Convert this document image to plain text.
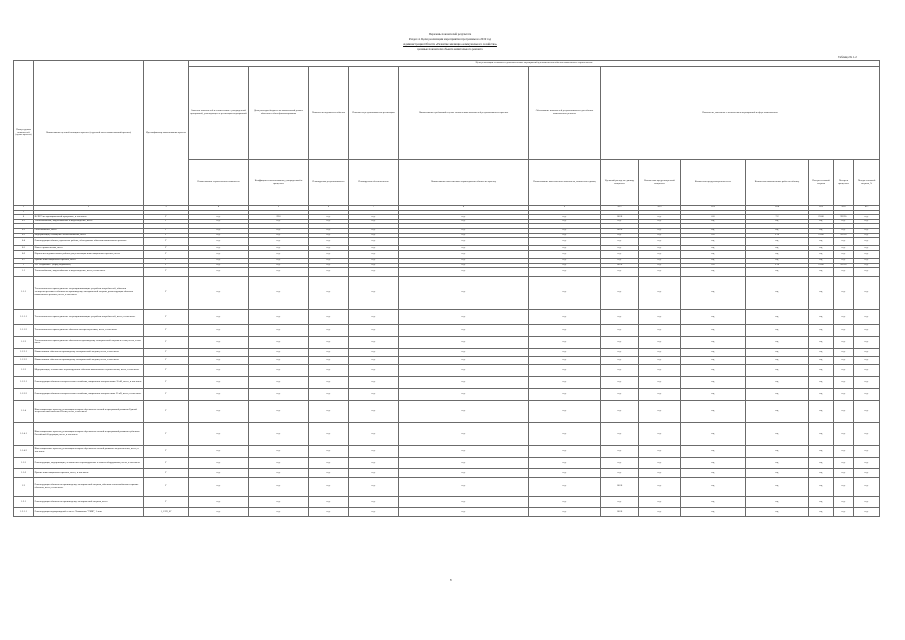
Перечень показателей результата
Раздел 4. Цели реализации мероприятия программы на 2019 год
Администрация Области «Развитие жилищно-коммунального хозяйства»
целевые показатели объекта капитального ремонта
Таблица № 1.2
Номер группы показателей (пункт проекта)	Наименование целевой позиции в проекте (в русской части наименований проекта)	Идентификатор наименования проекта	Цели реализации основных и дополнительных мероприятий для выполнения объекта капитального строительства												
			Значение показателей в соответствии с утвержденной программой, участвующего в реализации мероприятий	Доля расходов бюджета на капитальный ремонт объектов и объем финансирования	Показатели надежности объекта	Показатель результативности реализации	Наименование требований в целях соответствия показателей результативности проекта	Обоснование показателей результативности для объекта капитального ремонта	Показатели, связанные с исполнением мероприятий в сфере капитального						
			Наименование строительного показателя	Коэффициент использования, утвержденный в процентах	Планируемая результативность	Планируемая обеспеченность	Наименование качественных характеристик объекта по проекту	Наименование качественного показателя, количество единиц	Удельный расход на единицу мощности	Количество предусмотренной мощности	Количество предусмотренных мест	Количество выполненных работ по объекту	Потери тепловой энергии	Потери в процентах	Потери тепловой энергии, %
1	2	3	4	5	6	7	8	9	10.1	10.2	10.3	10.4	10.5	10.6	10.7
1															
0	ВСЕГО по муниципальной программе, в том числе	Г	н.д.	29.6	н.д.	н.д.	н.д.	н.д.	102.8	н.д.	0.8	7.2	23.06	99.9%	н.д.
0.1	Теплоснабжение, водоснабжение и водоотведение, всего	Г	н.д.	н.д.	н.д.	н.д.	н.д.	н.д.	н.д.	н.д.	н.д.	н.д.	н.д.	н.д.	н.д.

0.2	Газоснабжение, всего	Г	н.д.	н.д.	н.д.	н.д.	н.д.	н.д.	102.8	н.д.	н.д.	н.д.	н.д.	н.д.	н.д.
0.3	Модернизация, оснащение теплоснабжения, всего	Г	н.д.	н.д.	н.д.	н.д.	н.д.	н.д.	н.д.	н.д.	0.8	2.16	23.06	99.9%	н.д.
0.4	Реконструкция объекта, проектные работы, обследование объектов капитального ремонта	Г	н.д.	н.д.	н.д.	н.д.	н.д.	н.д.	н.д.	н.д.	н.д.	н.д.	н.д.	н.д.	н.д.
0.5	Новое строительство, всего	Г	н.д.	н.д.	н.д.	н.д.	н.д.	н.д.	н.д.	н.д.	н.д.	н.д.	н.д.	н.д.	н.д.
0.6	Научно-исследовательские работы для реализации инвестиционного проекта, всего	Г	н.д.	н.д.	н.д.	н.д.	н.д.	н.д.	н.д.	н.д.	н.д.	н.д.	н.д.	н.д.	н.д.
0.7	Прочие инвестиционные проекты, всего	Г	н.д.	н.д.	н.д.	н.д.	н.д.	н.д.	н.д.	н.д.	н.д.	н.д.	н.д.	н.д.	н.д.
1	АО "Водоканал" (город Водоканал)	Г	н.д.	н.д.	н.д.	н.д.	н.д.	н.д.	102.8	н.д.	0.8	2.16	23.06	99.9%	н.д.
1.1	Теплоснабжение, водоснабжение и водоотведение, всего, в том числе	Г	н.д.	н.д.	н.д.	н.д.	н.д.	н.д.	н.д.	н.д.	н.д.	н.д.	н.д.	н.д.	н.д.
1.1.1	Технологическое присоединение энергопринимающих устройств потребителей, объектов электроэнергетики и объектов по производству электрической энергии, реконструкция объектов капитального ремонта, всего, в том числе	Г	н.д.	н.д.	н.д.	н.д.	н.д.	н.д.	н.д.	н.д.	н.д.	н.д.	н.д.	н.д.	н.д.
1.1.1.1	Технологическое присоединение энергопринимающих устройств потребителей, всего, в том числе	Г	н.д.	н.д.	н.д.	н.д.	н.д.	н.д.	н.д.	н.д.	н.д.	н.д.	н.д.	н.д.	н.д.
1.1.1.2	Технологическое присоединение объектов электроэнергетики, всего, в том числе	Г	н.д.	н.д.	н.д.	н.д.	н.д.	н.д.	н.д.	н.д.	н.д.	н.д.	н.д.	н.д.	н.д.
1.1.2	Технологическое присоединение объектов по производству электрической энергии к сетям, всего, в том числе	Г	н.д.	н.д.	н.д.	н.д.	н.д.	н.д.	н.д.	н.д.	н.д.	н.д.	н.д.	н.д.	н.д.
1.1.2.1	Наименование объекта по производству электрической энергии, всего, в том числе	Г	н.д.	н.д.	н.д.	н.д.	н.д.	н.д.	н.д.	н.д.	н.д.	н.д.	н.д.	н.д.	н.д.
1.1.2.2	Наименование объекта по производству электрической энергии, всего, в том числе	Г	н.д.	н.д.	н.д.	н.д.	н.д.	н.д.	н.д.	н.д.	н.д.	н.д.	н.д.	н.д.	н.д.
1.1.3	Модернизация, техническое перевооружение объектов капитального строительства, всего, в том числе	Г	н.д.	н.д.	н.д.	н.д.	н.д.	н.д.	н.д.	н.д.	н.д.	н.д.	н.д.	н.д.	н.д.
1.1.3.1	Реконструкция объектов электросетевого хозяйства, напряжение которых выше 35 кВ, всего, в том числе	Г	н.д.	н.д.	н.д.	н.д.	н.д.	н.д.	н.д.	н.д.	н.д.	н.д.	н.д.	н.д.	н.д.
1.1.3.2	Реконструкция объектов электросетевого хозяйства, напряжение которых ниже 35 кВ, всего, в том числе	Г	н.д.	н.д.	н.д.	н.д.	н.д.	н.д.	н.д.	н.д.	н.д.	н.д.	н.д.	н.д.	н.д.
1.1.4	Инвестиционные проекты, реализация которых обусловлена схемой и программой развития Единой энергетической системы России, всего, в том числе	Г	н.д.	н.д.	н.д.	н.д.	н.д.	н.д.	н.д.	н.д.	н.д.	н.д.	н.д.	н.д.	н.д.
1.1.4.1	Инвестиционные проекты, реализация которых обусловлена схемой и программой развития субъектов Российской Федерации, всего, в том числе	Г	н.д.	н.д.	н.д.	н.д.	н.д.	н.д.	н.д.	н.д.	н.д.	н.д.	н.д.	н.д.	н.д.
1.1.4.2	Инвестиционные проекты, реализация которых обусловлена схемой развития энергосистемы, всего, в том числе	Г	н.д.	н.д.	н.д.	н.д.	н.д.	н.д.	н.д.	н.д.	н.д.	н.д.	н.д.	н.д.	н.д.
1.1.5	Реконструкция, модернизация, техническое перевооружение и замена оборудования, всего, в том числе	Г	н.д.	н.д.	н.д.	н.д.	н.д.	н.д.	н.д.	н.д.	н.д.	н.д.	н.д.	н.д.	н.д.
1.1.6	Прочие инвестиционные проекты, всего, в том числе	Г	н.д.	н.д.	н.д.	н.д.	н.д.	н.д.	н.д.	н.д.	н.д.	н.д.	н.д.	н.д.	н.д.
1.2	Реконструкция объектов по производству электрической энергии, объектов теплоснабжения и прочих объектов, всего, в том числе	Г	н.д.	н.д.	н.д.	н.д.	н.д.	н.д.	102.8	н.д.	н.д.	н.д.	н.д.	н.д.	н.д.
1.2.1	Реконструкция объектов по производству электрической энергии, всего	Г	н.д.	н.д.	н.д.	н.д.	н.д.	н.д.	н.д.	н.д.	н.д.	н.д.	н.д.	н.д.	н.д.
1.2.1.1	Реконструкция водопроводной сети в г. Тимашевск "ТМК", 1 этап	1_1376_07	н.д.	н.д.	н.д.	н.д.	н.д.	н.д.	102.8	н.д.	н.д.	н.д.	н.д.	н.д.	н.д.
8
